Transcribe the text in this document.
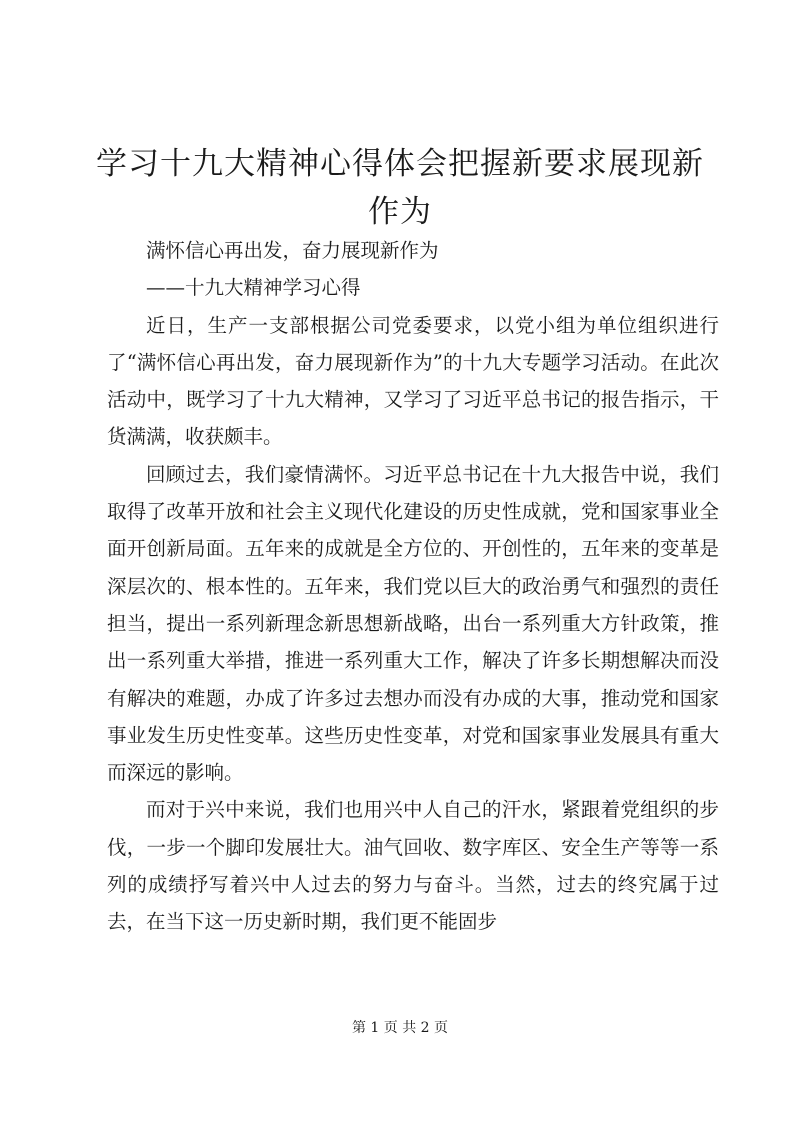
学习十九大精神心得体会把握新要求展现新作为

满怀信心再出发，奋力展现新作为

——十九大精神学习心得

近日，生产一支部根据公司党委要求，以党小组为单位组织进行了“满怀信心再出发，奋力展现新作为”的十九大专题学习活动。在此次活动中，既学习了十九大精神，又学习了习近平总书记的报告指示，干货满满，收获颇丰。

回顾过去，我们豪情满怀。习近平总书记在十九大报告中说，我们取得了改革开放和社会主义现代化建设的历史性成就，党和国家事业全面开创新局面。五年来的成就是全方位的、开创性的，五年来的变革是深层次的、根本性的。五年来，我们党以巨大的政治勇气和强烈的责任担当，提出一系列新理念新思想新战略，出台一系列重大方针政策，推出一系列重大举措，推进一系列重大工作，解决了许多长期想解决而没有解决的难题，办成了许多过去想办而没有办成的大事，推动党和国家事业发生历史性变革。这些历史性变革，对党和国家事业发展具有重大而深远的影响。

而对于兴中来说，我们也用兴中人自己的汗水，紧跟着党组织的步伐，一步一个脚印发展壮大。油气回收、数字库区、安全生产等等一系列的成绩抒写着兴中人过去的努力与奋斗。当然，过去的终究属于过去，在当下这一历史新时期，我们更不能固步

第 1 页 共 2 页
